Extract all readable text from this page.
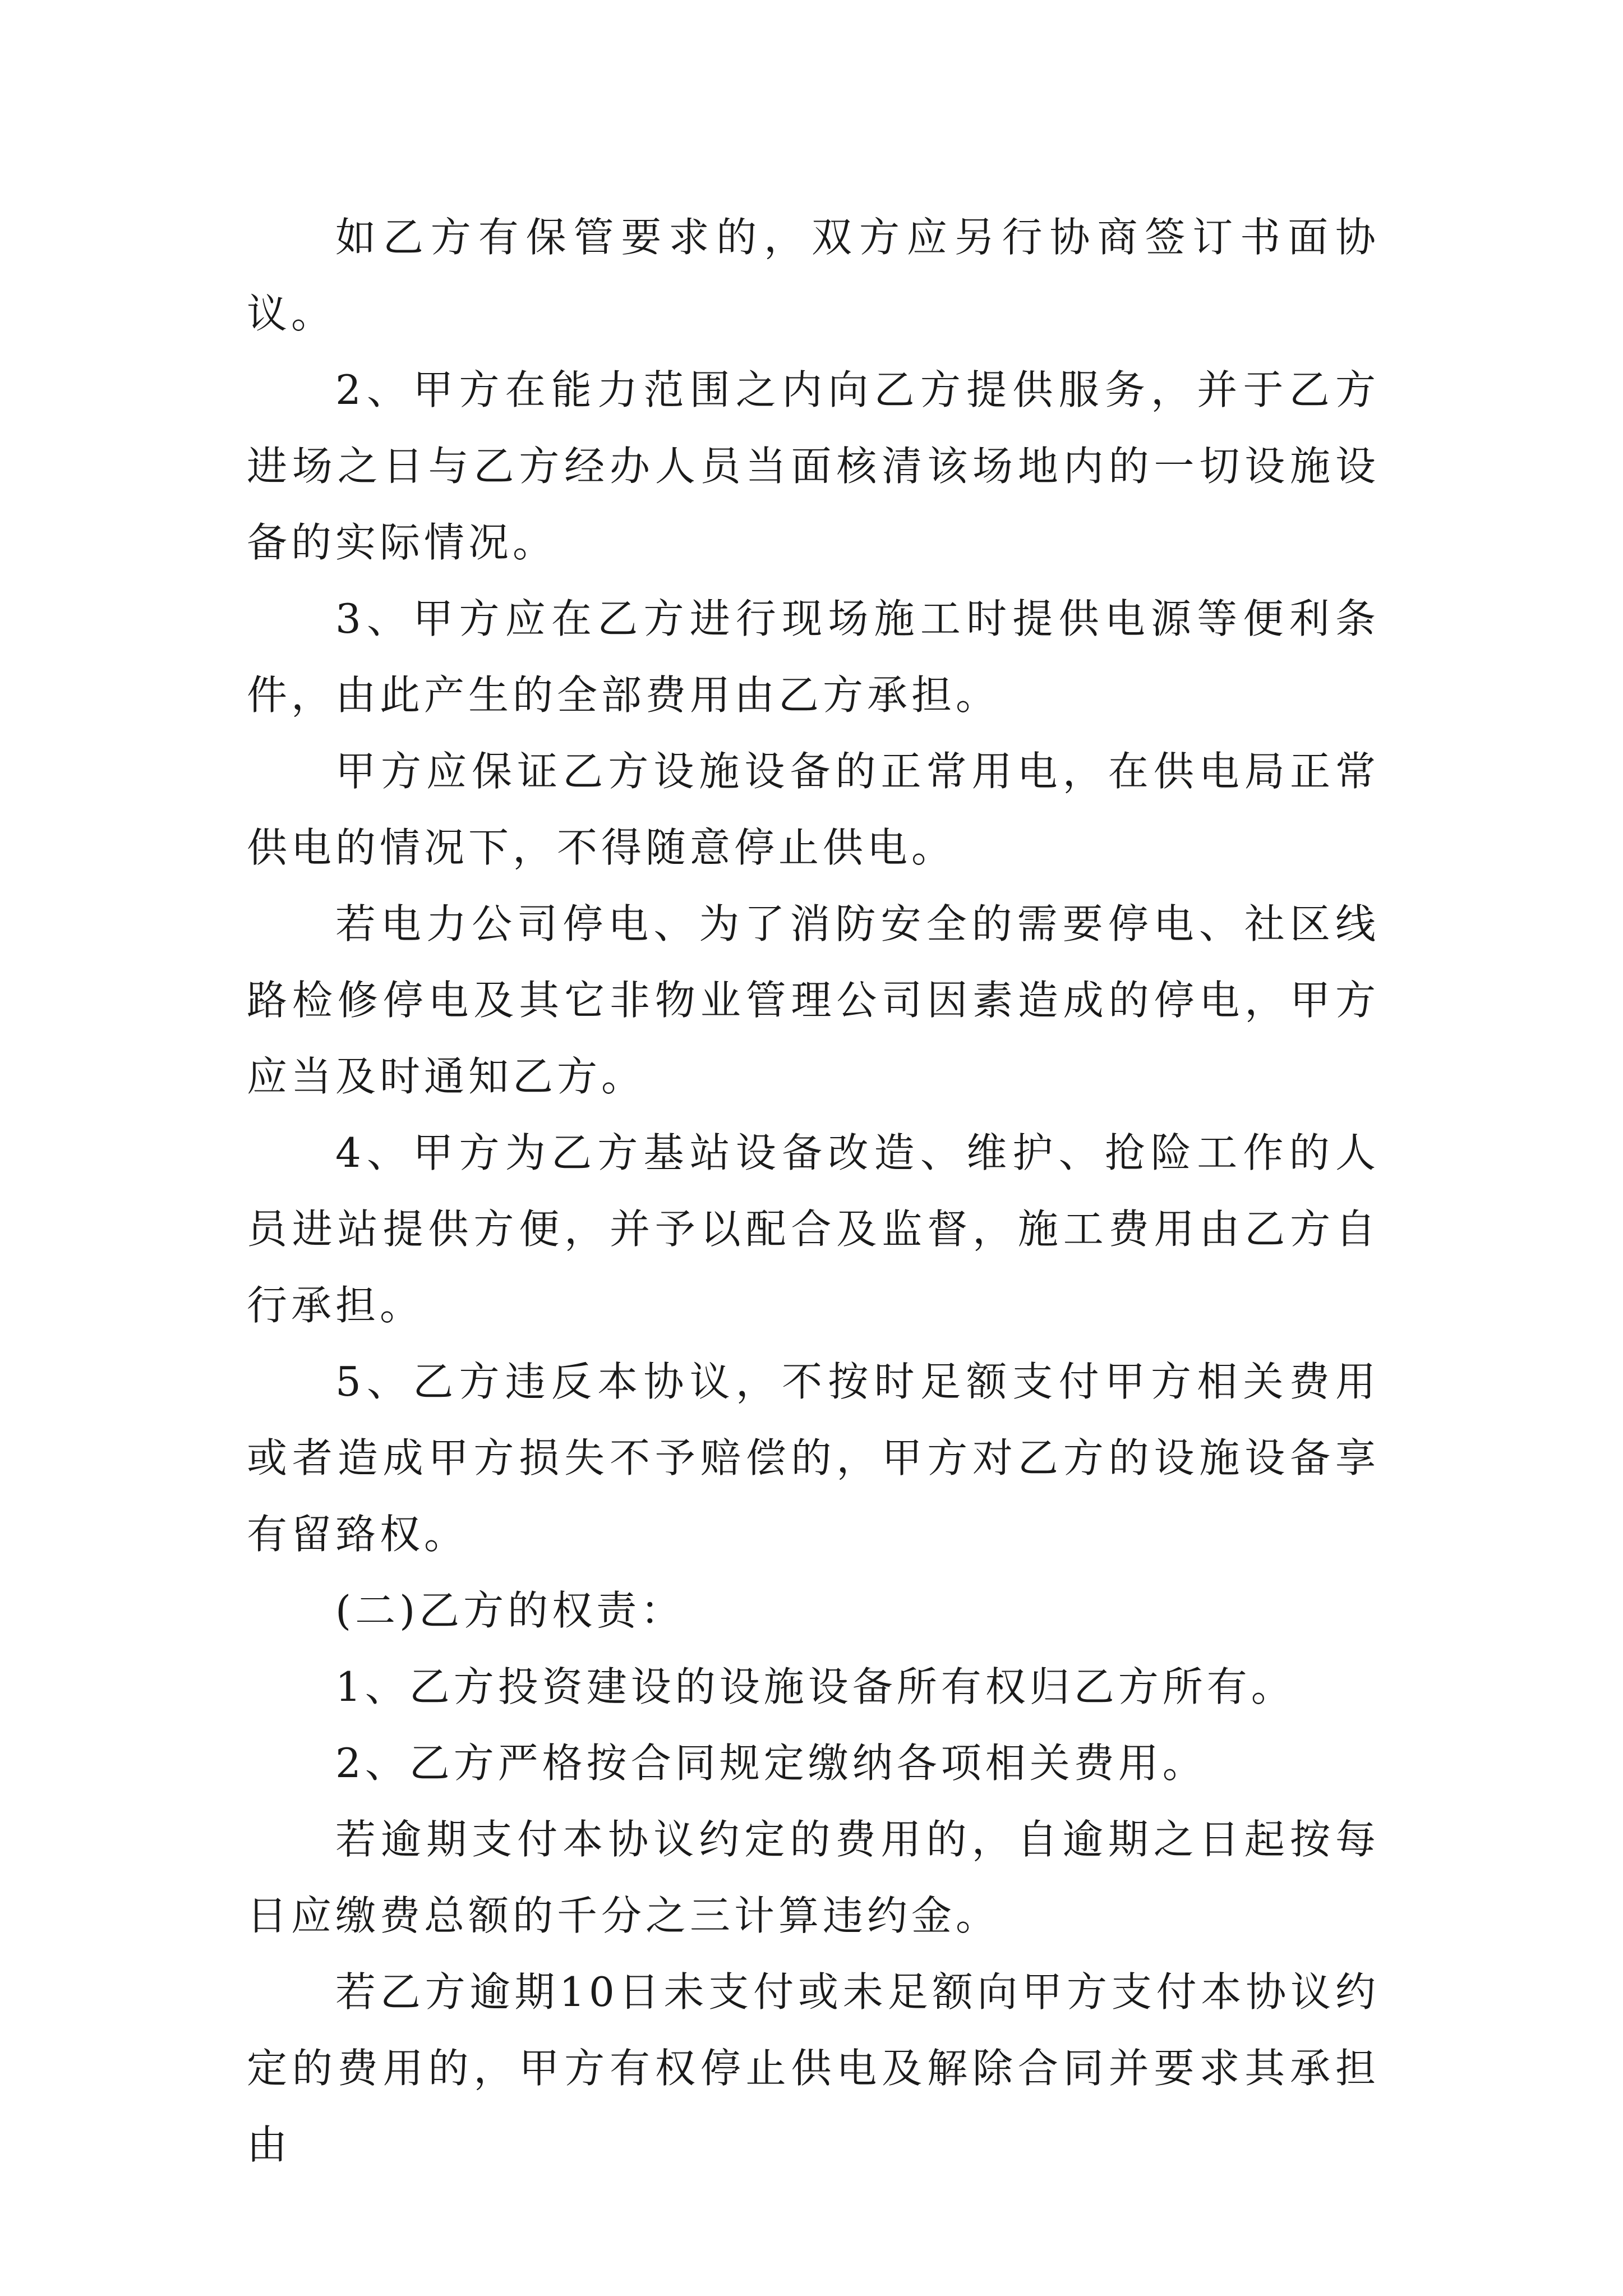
如乙方有保管要求的，双方应另行协商签订书面协议。

2、甲方在能力范围之内向乙方提供服务，并于乙方进场之日与乙方经办人员当面核清该场地内的一切设施设备的实际情况。

3、甲方应在乙方进行现场施工时提供电源等便利条件，由此产生的全部费用由乙方承担。

甲方应保证乙方设施设备的正常用电，在供电局正常供电的情况下，不得随意停止供电。

若电力公司停电、为了消防安全的需要停电、社区线路检修停电及其它非物业管理公司因素造成的停电，甲方应当及时通知乙方。

4、甲方为乙方基站设备改造、维护、抢险工作的人员进站提供方便，并予以配合及监督，施工费用由乙方自行承担。

5、乙方违反本协议，不按时足额支付甲方相关费用或者造成甲方损失不予赔偿的，甲方对乙方的设施设备享有留臵权。

(二)乙方的权责：

1、乙方投资建设的设施设备所有权归乙方所有。

2、乙方严格按合同规定缴纳各项相关费用。

若逾期支付本协议约定的费用的，自逾期之日起按每日应缴费总额的千分之三计算违约金。

若乙方逾期10日未支付或未足额向甲方支付本协议约定的费用的，甲方有权停止供电及解除合同并要求其承担由
